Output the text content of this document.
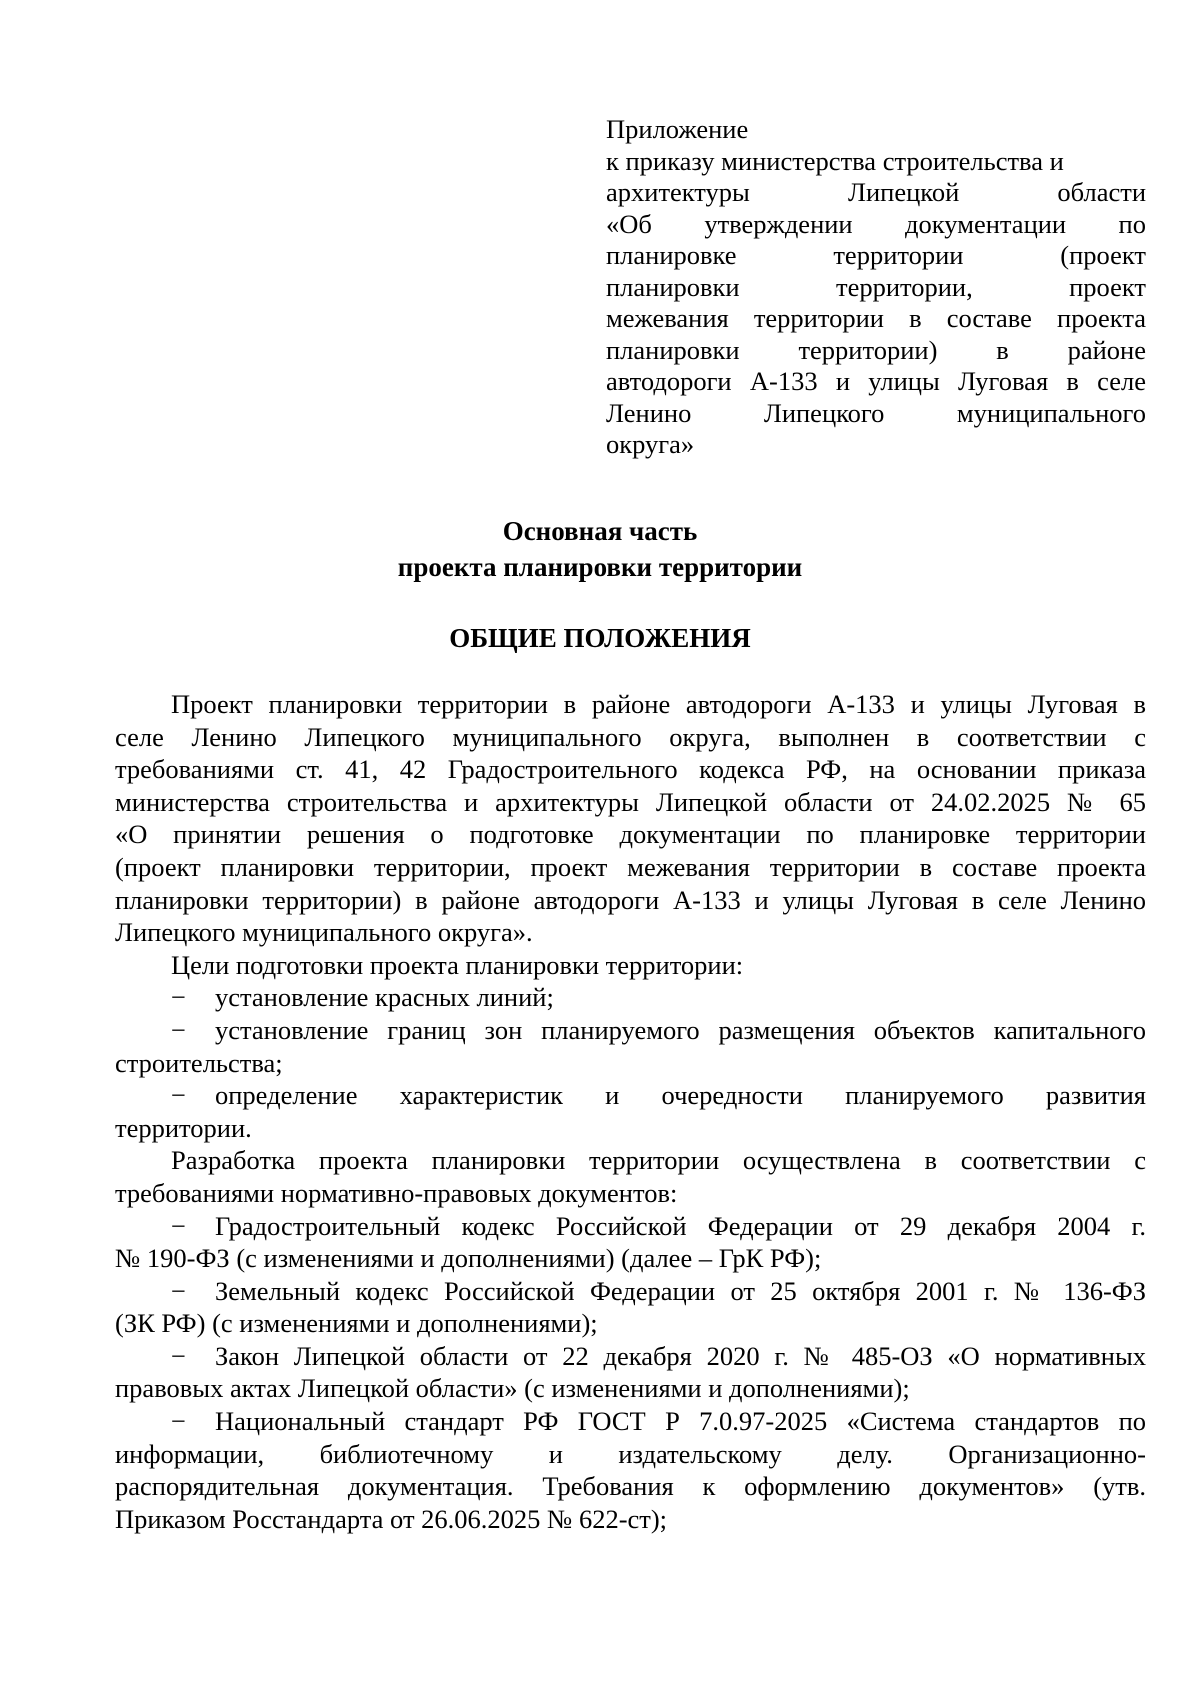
Приложение
к приказу министерства строительства и
архитектуры Липецкой области
«Об утверждении документации по
планировке территории (проект
планировки территории, проект
межевания территории в составе проекта
планировки территории) в районе
автодороги А-133 и улицы Луговая в селе
Ленино Липецкого муниципального
округа»
Основная часть
проекта планировки территории
ОБЩИЕ ПОЛОЖЕНИЯ
Проект планировки территории в районе автодороги А-133 и улицы Луговая в
селе Ленино Липецкого муниципального округа, выполнен в соответствии с
требованиями ст. 41, 42 Градостроительного кодекса РФ, на основании приказа
министерства строительства и архитектуры Липецкой области от 24.02.2025 № 65
«О принятии решения о подготовке документации по планировке территории
(проект планировки территории, проект межевания территории в составе проекта
планировки территории) в районе автодороги А-133 и улицы Луговая в селе Ленино
Липецкого муниципального округа».
Цели подготовки проекта планировки территории:
− установление красных линий;
− установление границ зон планируемого размещения объектов капитального
строительства;
− определение характеристик и очередности планируемого развития
территории.
Разработка проекта планировки территории осуществлена в соответствии с
требованиями нормативно-правовых документов:
− Градостроительный кодекс Российской Федерации от 29 декабря 2004 г.
№ 190-ФЗ (с изменениями и дополнениями) (далее – ГрК РФ);
− Земельный кодекс Российской Федерации от 25 октября 2001 г. № 136-ФЗ
(ЗК РФ) (с изменениями и дополнениями);
− Закон Липецкой области от 22 декабря 2020 г. № 485-ОЗ «О нормативных
правовых актах Липецкой области» (с изменениями и дополнениями);
− Национальный стандарт РФ ГОСТ Р 7.0.97-2025 «Система стандартов по
информации, библиотечному и издательскому делу. Организационно-
распорядительная документация. Требования к оформлению документов» (утв.
Приказом Росстандарта от 26.06.2025 № 622-ст);
